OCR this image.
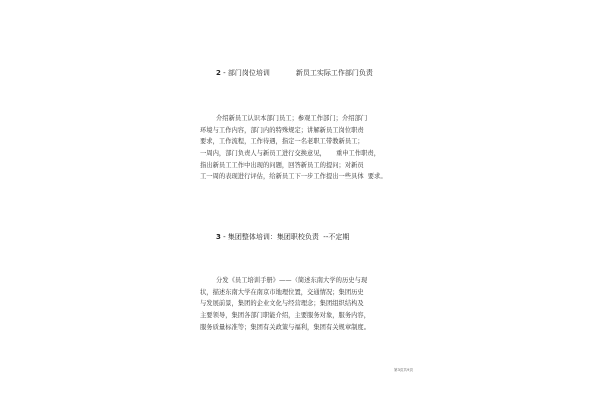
2 - 部门岗位培训	新员工实际工作部门负责
介绍新员工认识本部门员工；参观工作部门；介绍部门
环境与工作内容，部门内的特殊规定；讲解新员工岗位职责
要求，工作流程，工作待遇，指定一名老职工带教新员工；
一周内，部门负责人与新员工进行交换意见，     重申工作职责，
指出新员工工作中出现的问题，回答新员工的提问；对新员
工一周的表现进行评估，给新员工下一步工作提出一些具体  要求。
3 - 集团整体培训：集团职校负责  --不定期
分发《员工培训手册》——（简述东南大学的历史与现
状，描述东南大学在南京市地理位置，交通情况；集团历史
与发展前景，集团的企业文化与经营理念；集团组织结构及
主要领导，集团各部门职能介绍，主要服务对象，服务内容，
服务质量标准等；集团有关政策与福利，集团有关规章制度。
第3页共9页
